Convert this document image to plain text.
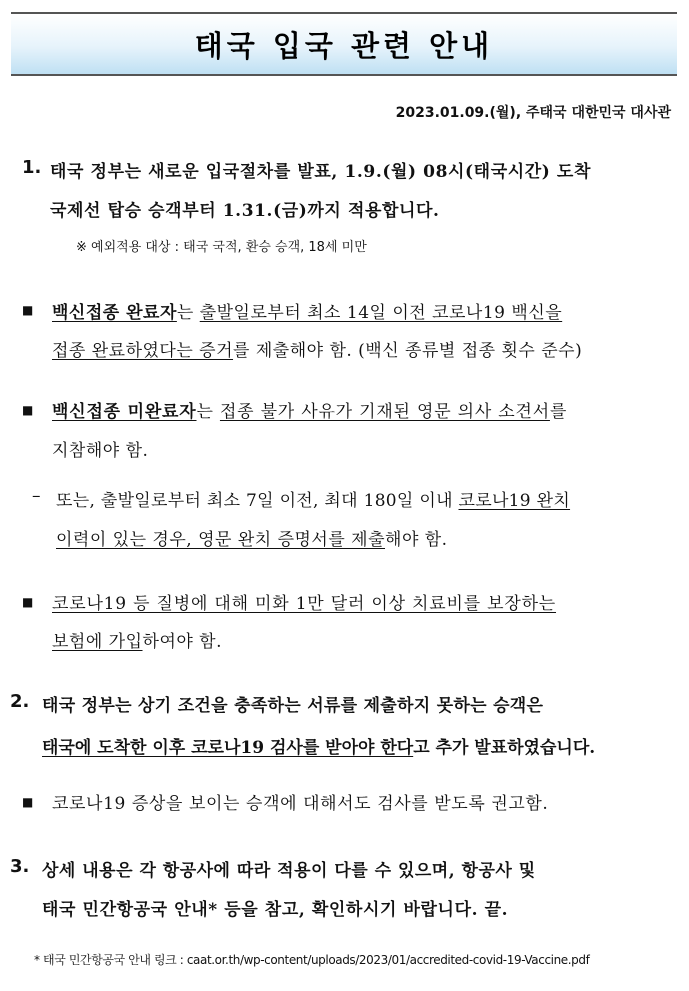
태국 입국 관련 안내
2023.01.09.(월), 주태국 대한민국 대사관
1. 태국 정부는 새로운 입국절차를 발표, 1.9.(월) 08시(태국시간) 도착
국제선 탑승 승객부터 1.31.(금)까지 적용합니다.
※ 예외적용 대상 : 태국 국적, 환승 승객, 18세 미만
■ 백신접종 완료자는 출발일로부터 최소 14일 이전 코로나19 백신을
접종 완료하였다는 증거를 제출해야 함. (백신 종류별 접종 횟수 준수)
■ 백신접종 미완료자는 접종 불가 사유가 기재된 영문 의사 소견서를
지참해야 함.
– 또는, 출발일로부터 최소 7일 이전, 최대 180일 이내 코로나19 완치
이력이 있는 경우, 영문 완치 증명서를 제출해야 함.
■ 코로나19 등 질병에 대해 미화 1만 달러 이상 치료비를 보장하는
보험에 가입하여야 함.
2. 태국 정부는 상기 조건을 충족하는 서류를 제출하지 못하는 승객은
태국에 도착한 이후 코로나19 검사를 받아야 한다고 추가 발표하였습니다.
■ 코로나19 증상을 보이는 승객에 대해서도 검사를 받도록 권고함.
3. 상세 내용은 각 항공사에 따라 적용이 다를 수 있으며, 항공사 및
태국 민간항공국 안내* 등을 참고, 확인하시기 바랍니다. 끝.
* 태국 민간항공국 안내 링크 : caat.or.th/wp-content/uploads/2023/01/accredited-covid-19-Vaccine.pdf
